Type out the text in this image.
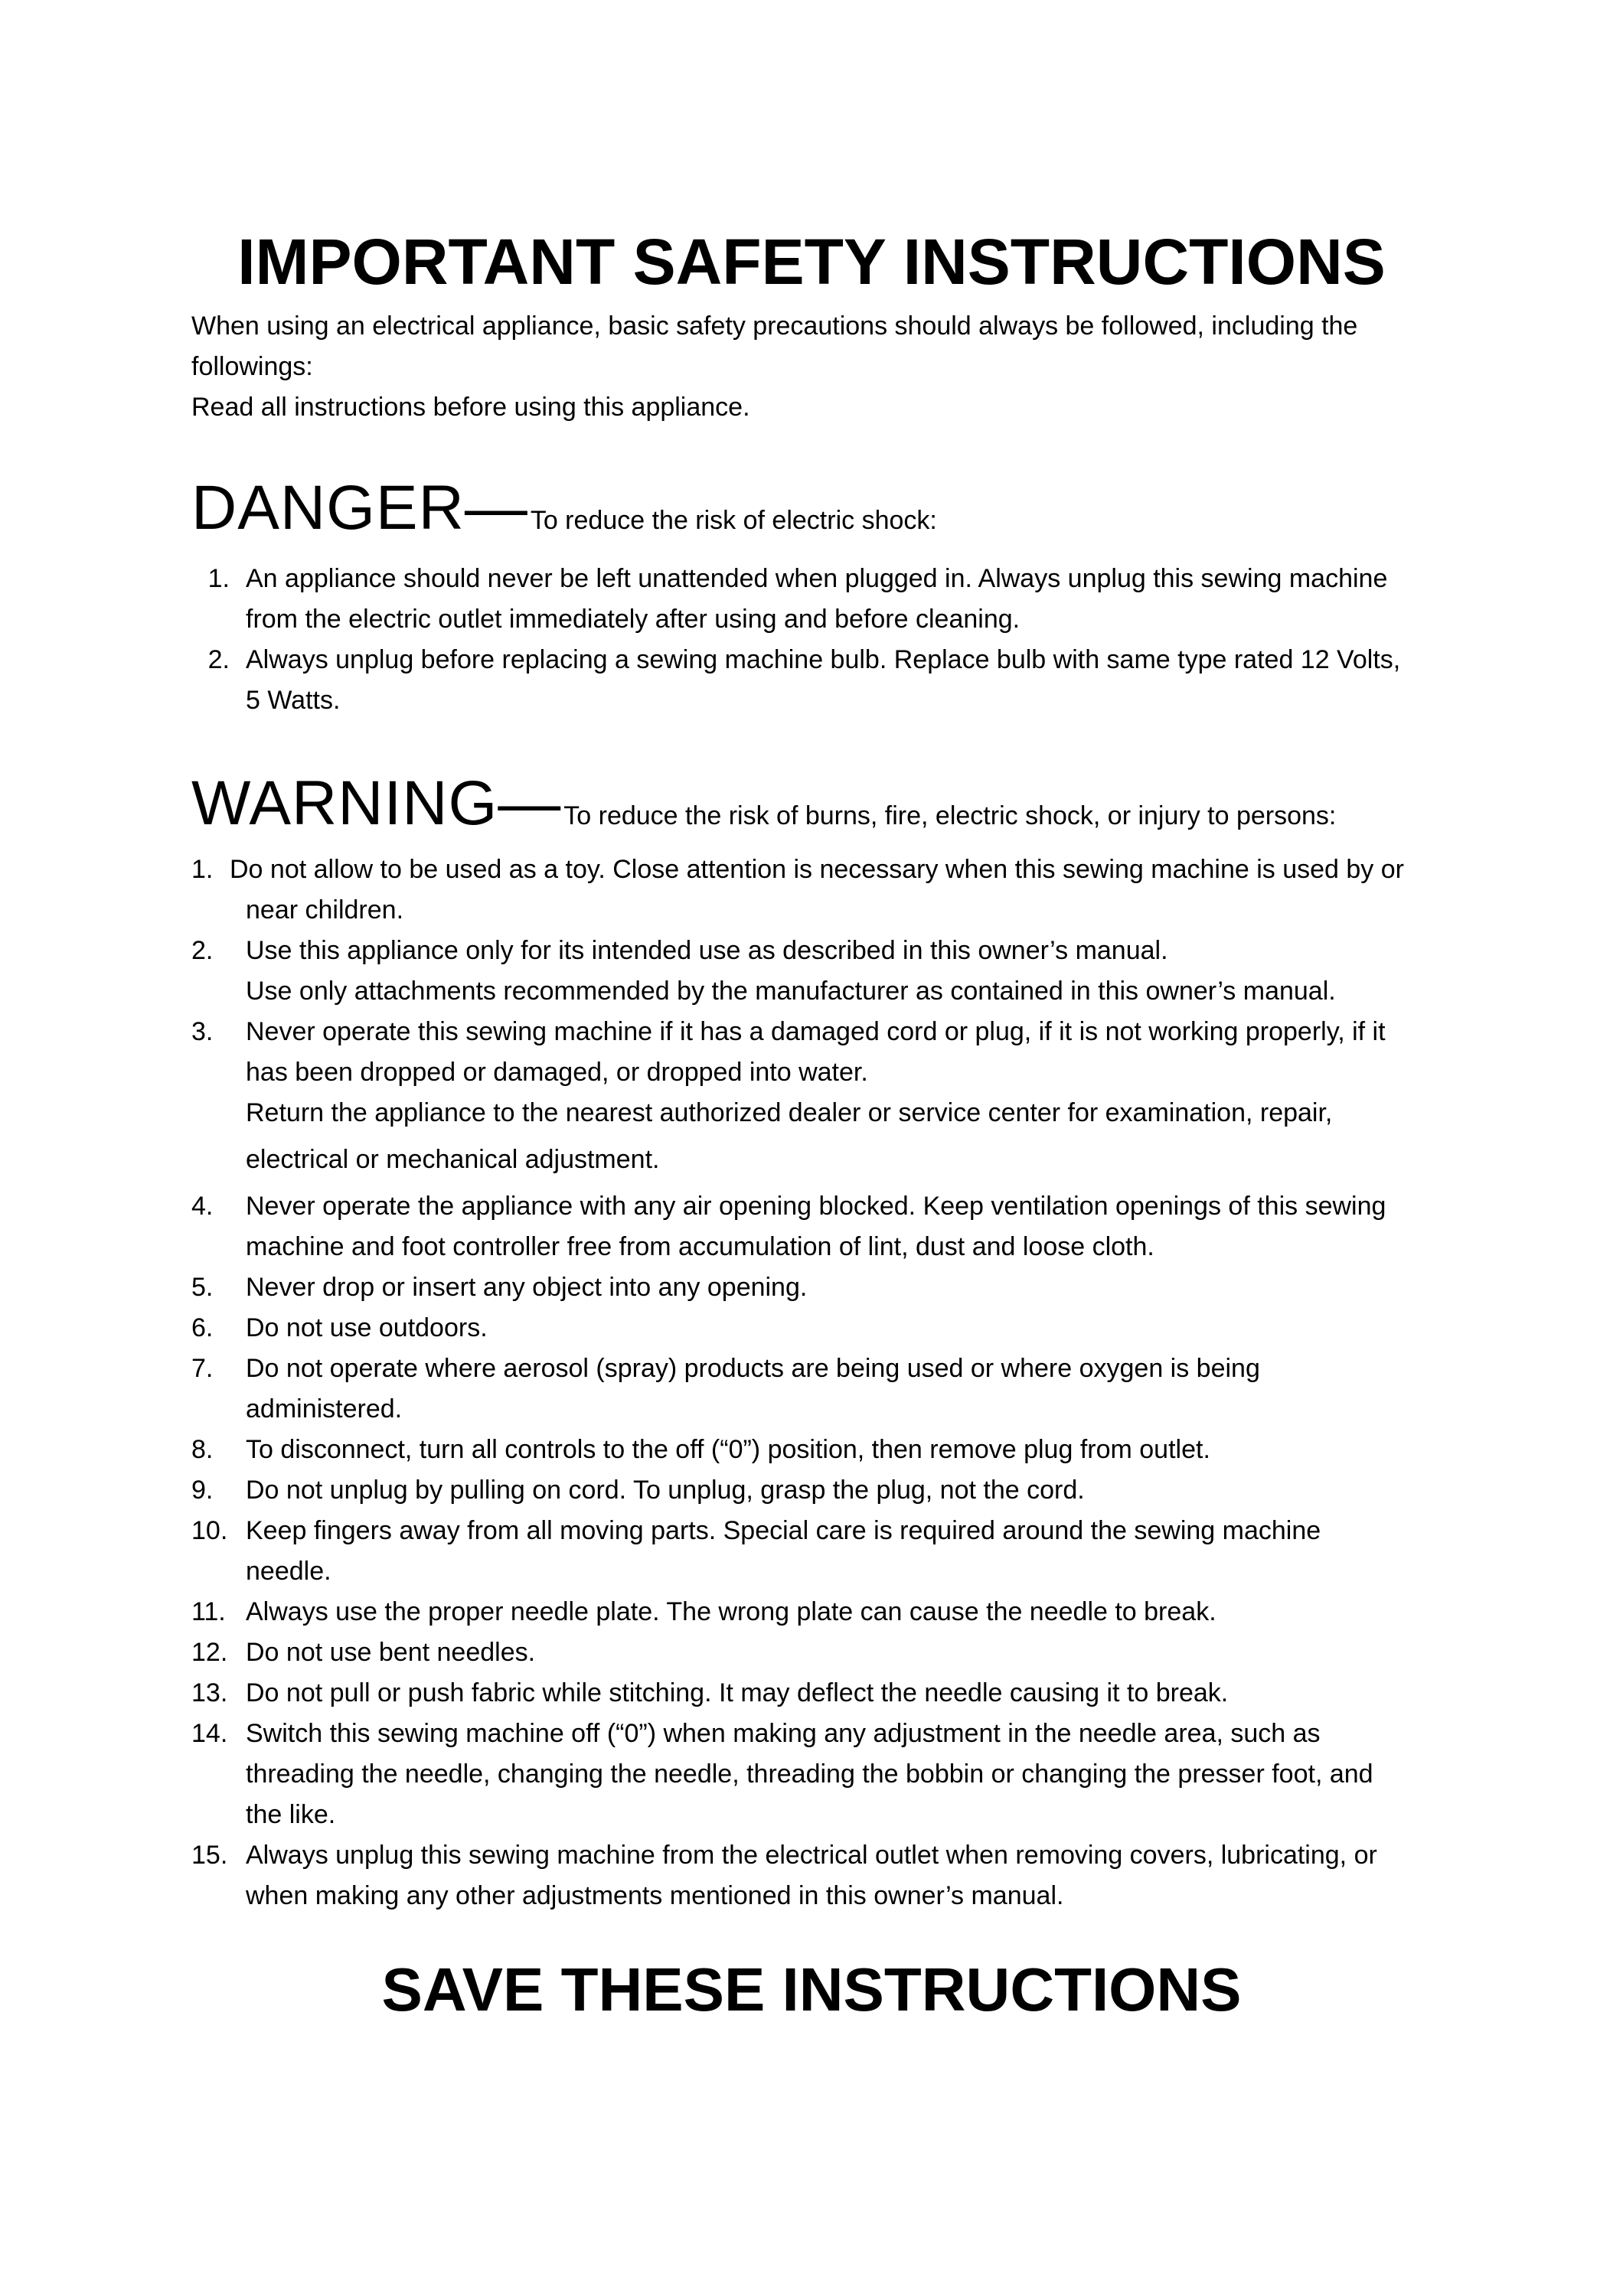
IMPORTANT SAFETY INSTRUCTIONS

When using an electrical appliance, basic safety precautions should always be followed, including the

followings:

Read all instructions before using this appliance.

DANGER— To reduce the risk of electric shock:
1. An appliance should never be left unattended when plugged in. Always unplug this sewing machine
from the electric outlet immediately after using and before cleaning.
2. Always unplug before replacing a sewing machine bulb. Replace bulb with same type rated 12 Volts,
5 Watts.
WARNING— To reduce the risk of burns, fire, electric shock, or injury to persons:
1. Do not allow to be used as a toy. Close attention is necessary when this sewing machine is used by or
near children.
2.	Use this appliance only for its intended use as described in this owner’s manual.
Use only attachments recommended by the manufacturer as contained in this owner’s manual.
3.	Never operate this sewing machine if it has a damaged cord or plug, if it is not working properly, if it
has been dropped or damaged, or dropped into water.
Return the appliance to the nearest authorized dealer or service center for examination, repair,
electrical or mechanical adjustment.
4.	Never operate the appliance with any air opening blocked. Keep ventilation openings of this sewing
machine and foot controller free from accumulation of lint, dust and loose cloth.
5.	Never drop or insert any object into any opening.
6.	Do not use outdoors.
7.	Do not operate where aerosol (spray) products are being used or where oxygen is being
administered.
8.	To disconnect, turn all controls to the off (“0”) position, then remove plug from outlet.
9.	Do not unplug by pulling on cord. To unplug, grasp the plug, not the cord.
10. Keep fingers away from all moving parts. Special care is required around the sewing machine
needle.
11. Always use the proper needle plate. The wrong plate can cause the needle to break.
12. Do not use bent needles.
13. Do not pull or push fabric while stitching. It may deflect the needle causing it to break.
14. Switch this sewing machine off (“0”) when making any adjustment in the needle area, such as
threading the needle, changing the needle, threading the bobbin or changing the presser foot, and
the like.
15. Always unplug this sewing machine from the electrical outlet when removing covers, lubricating, or
when making any other adjustments mentioned in this owner’s manual.
SAVE THESE INSTRUCTIONS
